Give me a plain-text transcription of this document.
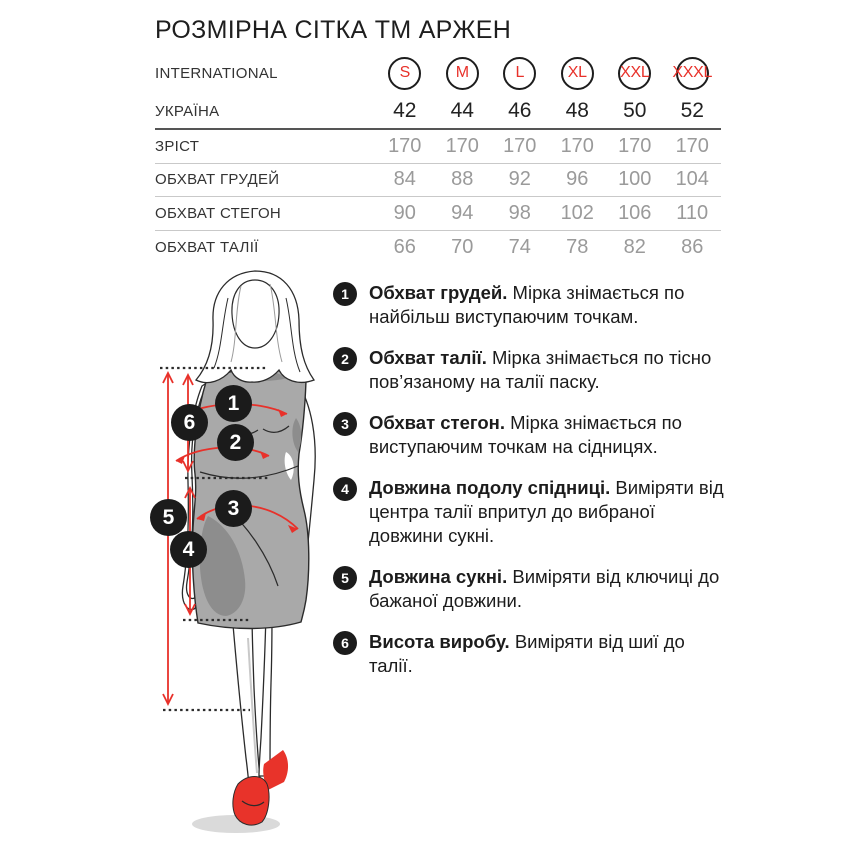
РОЗМІРНА СІТКА ТМ АРЖЕН
INTERNATIONAL	S	M	L	XL XXL XXXL
УКРАЇНА	42	44	46	48	50	52
ЗРІСТ	170	170	170	170	170	170
ОБХВАТ ГРУДЕЙ	84	88	92	96	100	104
ОБХВАТ СТЕГОН	90	94	98	102	106	110
ОБХВАТ ТАЛІЇ	66	70	74	78	82	86
1
2
3
4
5
6
1	Обхват грудей. Мірка знімається по найбільш виступаючим точкам.

2	Обхват талії. Мірка знімається по тісно пов’язаному на талії паску.

3	Обхват стегон. Мірка знімається по виступаючим точкам на сідницях.

4	Довжина подолу спідниці. Виміряти від центра талії впритул до вибраної довжини сукні.

5	Довжина сукні. Виміряти від ключиці до бажаної довжини.

6	Висота виробу. Виміряти від шиї до талії.
